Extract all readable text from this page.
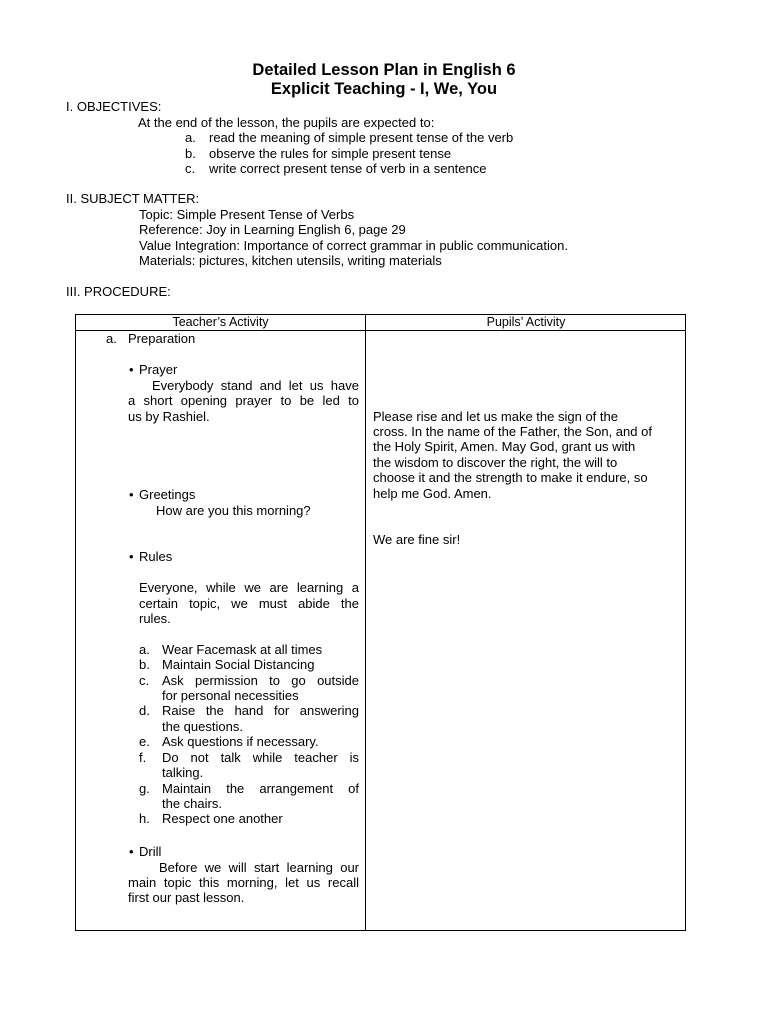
Detailed Lesson Plan in English 6
Explicit Teaching - I, We, You
I. OBJECTIVES:
At the end of the lesson, the pupils are expected to:
a. read the meaning of simple present tense of the verb
b. observe the rules for simple present tense
c. write correct present tense of verb in a sentence
II. SUBJECT MATTER:
Topic: Simple Present Tense of Verbs
Reference: Joy in Learning English 6, page 29
Value Integration: Importance of correct grammar in public communication.
Materials: pictures, kitchen utensils, writing materials
III. PROCEDURE:
Teacher’s Activity	Pupils’ Activity
a. Preparation
• Prayer
Everybody stand and let us have
a short opening prayer to be led to
us by Rashiel.
• Greetings
How are you this morning?
• Rules
Everyone, while we are learning a
certain topic, we must abide the
rules.
a. Wear Facemask at all times
b. Maintain Social Distancing
c. Ask permission to go outside
for personal necessities
d. Raise the hand for answering
the questions.
e. Ask questions if necessary.
f. Do not talk while teacher is
talking.
g. Maintain the arrangement of
the chairs.
h. Respect one another
• Drill
Before we will start learning our
main topic this morning, let us recall
first our past lesson.
Please rise and let us make the sign of the
cross. In the name of the Father, the Son, and of
the Holy Spirit, Amen. May God, grant us with
the wisdom to discover the right, the will to
choose it and the strength to make it endure, so
help me God. Amen.
We are fine sir!
